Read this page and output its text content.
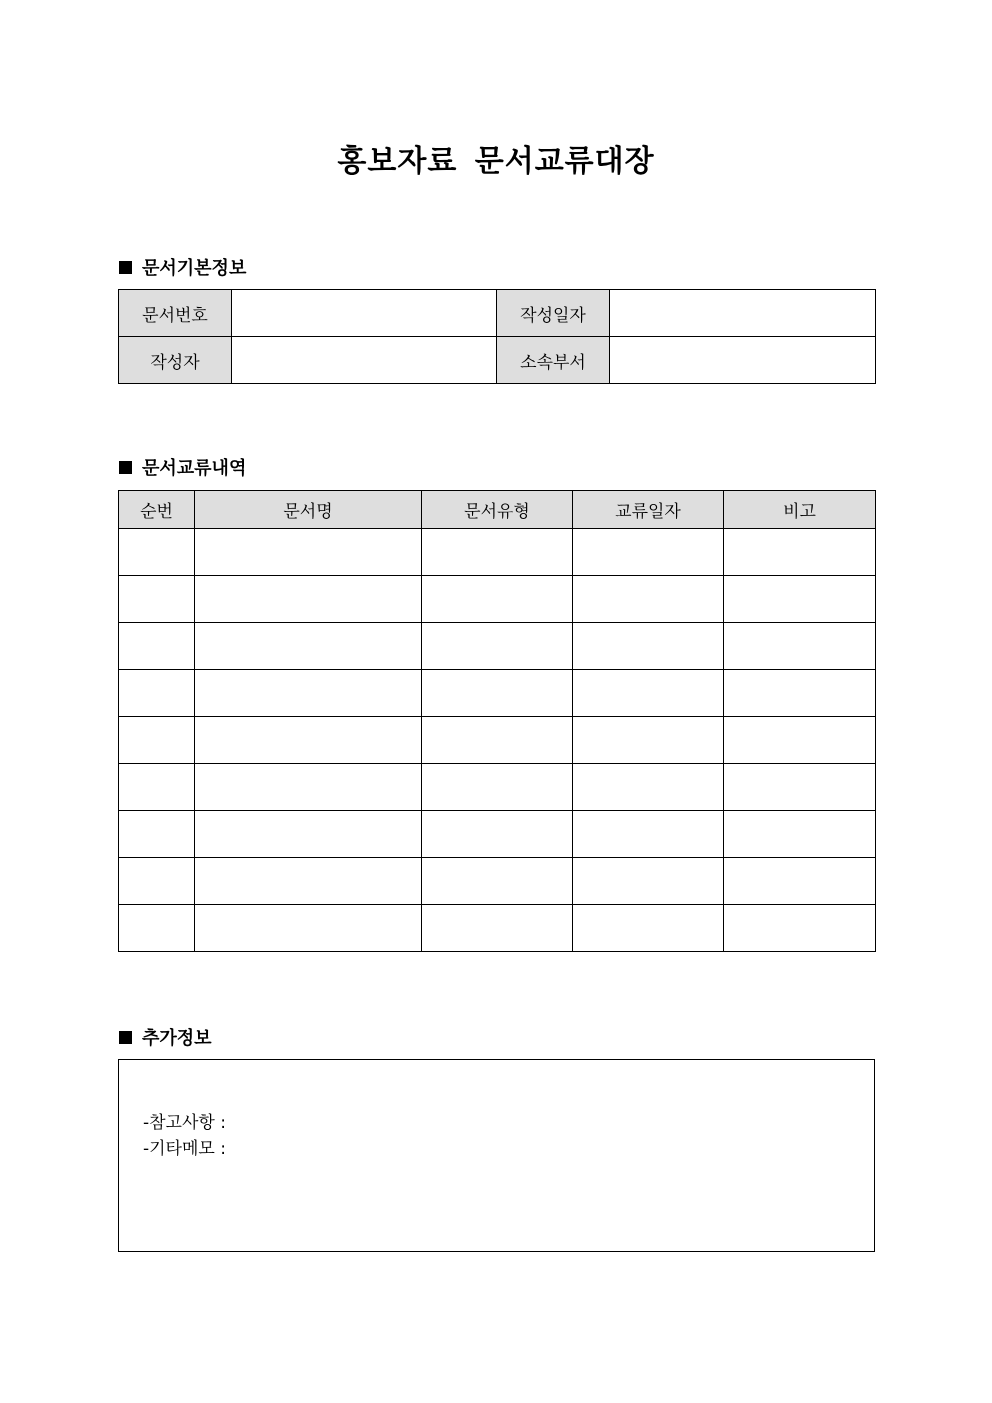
홍보자료 문서교류대장
문서기본정보
문서번호		작성일자	
작성자		소속부서	
문서교류내역
순번	문서명	문서유형	교류일자	비고

추가정보
-참고사항 :
-기타메모 :
